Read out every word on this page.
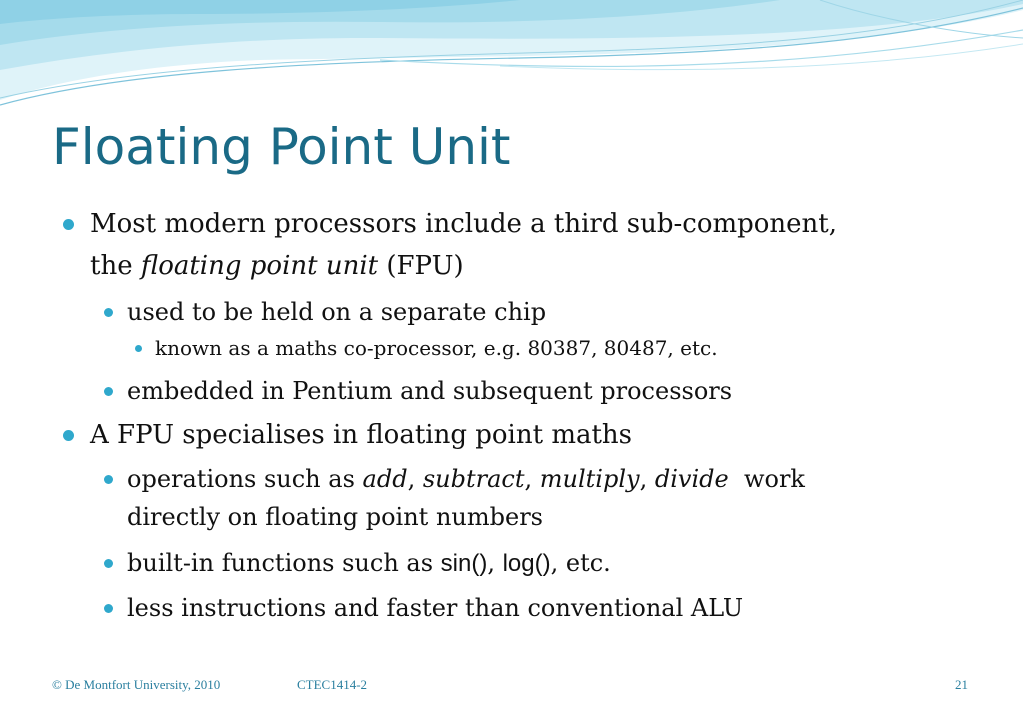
Floating Point Unit
Most modern processors include a third sub-component,
the floating point unit (FPU)
used to be held on a separate chip
known as a maths co-processor, e.g. 80387, 80487, etc.
embedded in Pentium and subsequent processors
A FPU specialises in floating point maths
operations such as add, subtract, multiply, divide  work
directly on floating point numbers
built-in functions such as sin(), log(), etc.
less instructions and faster than conventional ALU
© De Montfort University, 2010	CTEC1414-2	21
